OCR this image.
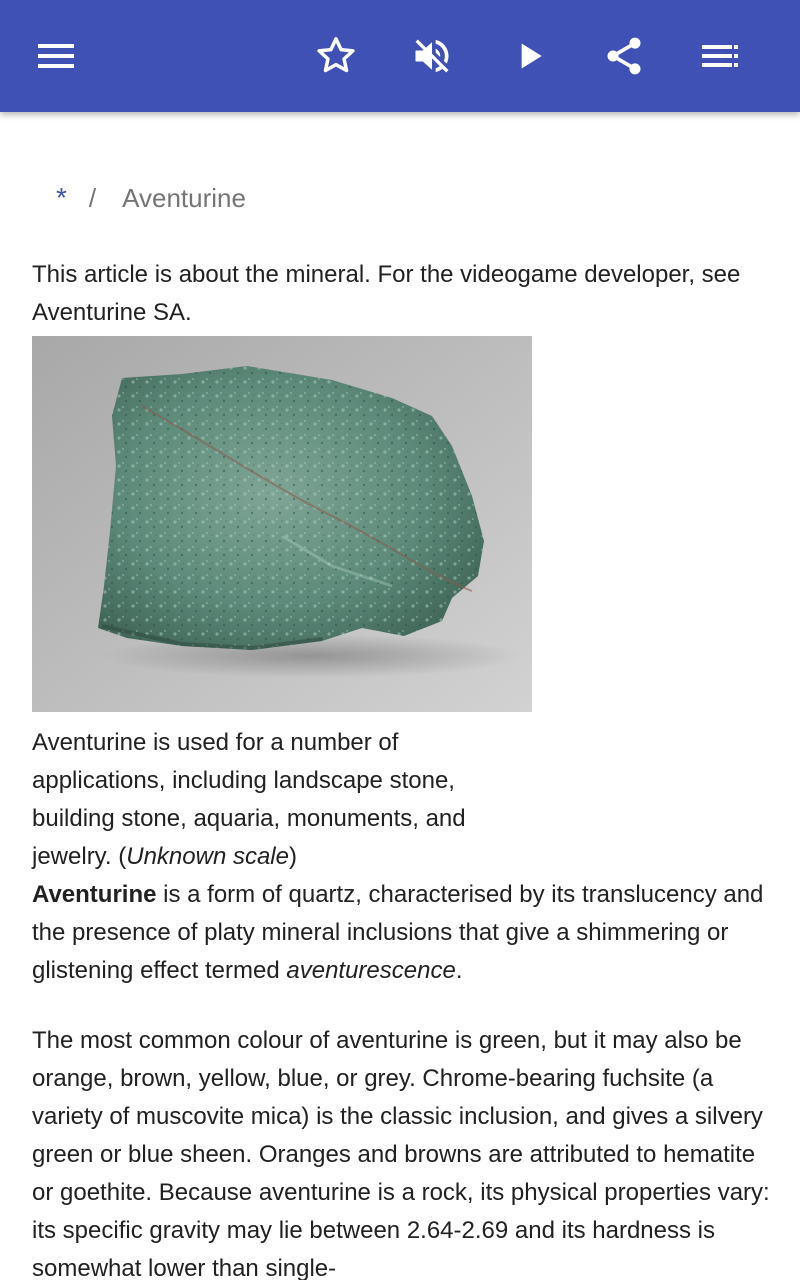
* / Aventurine

This article is about the mineral. For the videogame developer, see Aventurine SA.

Aventurine is used for a number of applications, including landscape stone, building stone, aquaria, monuments, and jewelry. (Unknown scale)

Aventurine is a form of quartz, characterised by its translucency and the presence of platy mineral inclusions that give a shimmering or glistening effect termed aventurescence.

The most common colour of aventurine is green, but it may also be orange, brown, yellow, blue, or grey. Chrome-bearing fuchsite (a variety of muscovite mica) is the classic inclusion, and gives a silvery green or blue sheen. Oranges and browns are attributed to hematite or goethite. Because aventurine is a rock, its physical properties vary: its specific gravity may lie between 2.64-2.69 and its hardness is somewhat lower than single-
